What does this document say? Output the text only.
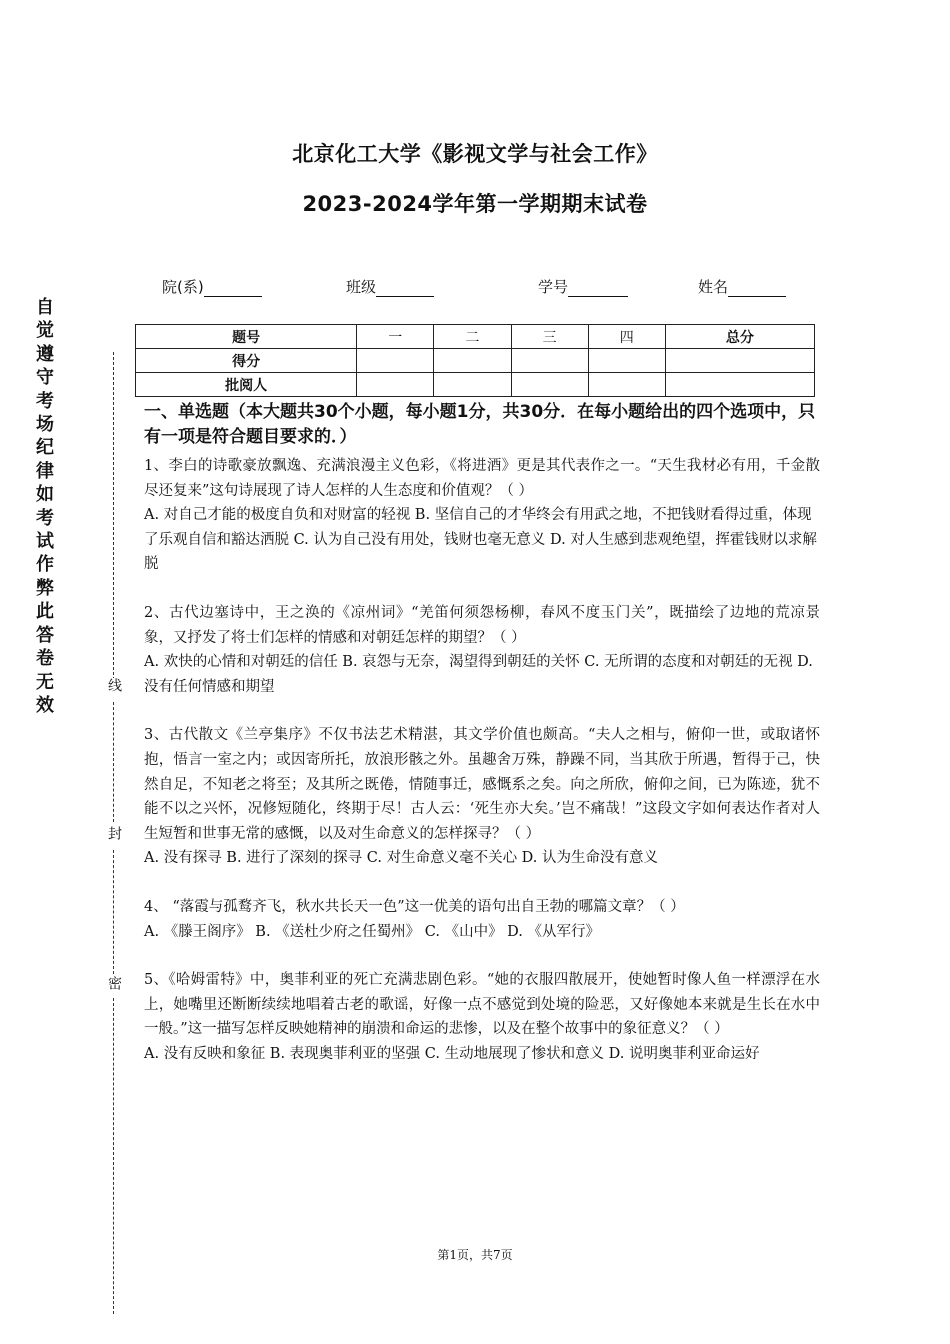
北京化工大学《影视文学与社会工作》
2023-2024学年第一学期期末试卷
自觉遵守考场纪律如考试作弊此答卷无效
线
封
密
院(系)	班级	学号	姓名
题号	一	二	三	四	总分
得分					
批阅人					
一、单选题（本大题共30个小题，每小题1分，共30分．在每小题给出的四个选项中，只有一项是符合题目要求的．）

1、李白的诗歌豪放飘逸、充满浪漫主义色彩，《将进酒》更是其代表作之一。“天生我材必有用，千金散尽还复来”这句诗展现了诗人怎样的人生态度和价值观？（ ）

A. 对自己才能的极度自负和对财富的轻视 B. 坚信自己的才华终会有用武之地，不把钱财看得过重，体现了乐观自信和豁达洒脱 C. 认为自己没有用处，钱财也毫无意义 D. 对人生感到悲观绝望，挥霍钱财以求解脱

2、古代边塞诗中，王之涣的《凉州词》“羌笛何须怨杨柳，春风不度玉门关”，既描绘了边地的荒凉景象，又抒发了将士们怎样的情感和对朝廷怎样的期望？（ ）

A. 欢快的心情和对朝廷的信任 B. 哀怨与无奈，渴望得到朝廷的关怀 C. 无所谓的态度和对朝廷的无视 D. 没有任何情感和期望

3、古代散文《兰亭集序》不仅书法艺术精湛，其文学价值也颇高。“夫人之相与，俯仰一世，或取诸怀抱，悟言一室之内；或因寄所托，放浪形骸之外。虽趣舍万殊，静躁不同，当其欣于所遇，暂得于己，快然自足，不知老之将至；及其所之既倦，情随事迁，感慨系之矣。向之所欣，俯仰之间，已为陈迹，犹不能不以之兴怀，况修短随化，终期于尽！古人云：‘死生亦大矣。’岂不痛哉！”这段文字如何表达作者对人生短暂和世事无常的感慨，以及对生命意义的怎样探寻？（ ）

A. 没有探寻 B. 进行了深刻的探寻 C. 对生命意义毫不关心 D. 认为生命没有意义

4、 “落霞与孤鹜齐飞，秋水共长天一色”这一优美的语句出自王勃的哪篇文章？（ ）

A. 《滕王阁序》 B. 《送杜少府之任蜀州》 C. 《山中》 D. 《从军行》

5、《哈姆雷特》中，奥菲利亚的死亡充满悲剧色彩。“她的衣服四散展开，使她暂时像人鱼一样漂浮在水上，她嘴里还断断续续地唱着古老的歌谣，好像一点不感觉到处境的险恶，又好像她本来就是生长在水中一般。”这一描写怎样反映她精神的崩溃和命运的悲惨，以及在整个故事中的象征意义？（ ）

A. 没有反映和象征 B. 表现奥菲利亚的坚强 C. 生动地展现了惨状和意义 D. 说明奥菲利亚命运好

第1页，共7页
